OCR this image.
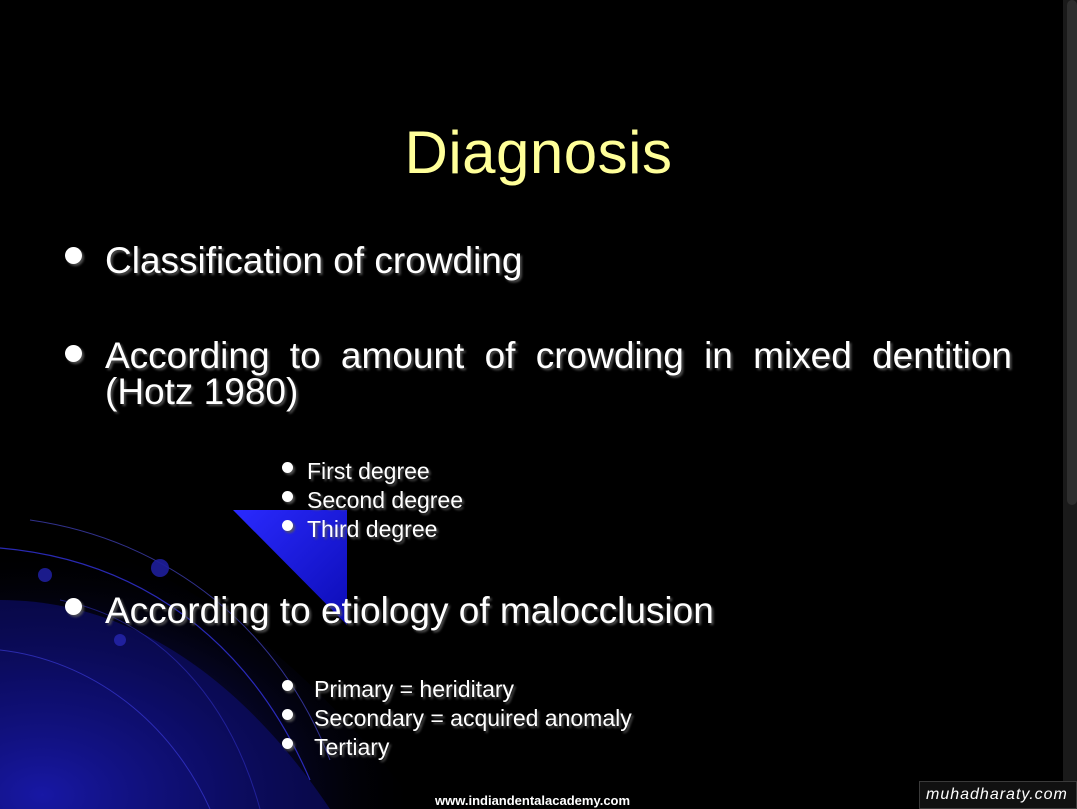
Diagnosis
Classification of crowding
According to amount of crowding in mixed dentition
(Hotz 1980)
First degree
Second degree
Third degree
According to etiology of malocclusion
Primary = heriditary
Secondary = acquired anomaly
Tertiary
www.indiandentalacademy.com	muhadharaty.com
